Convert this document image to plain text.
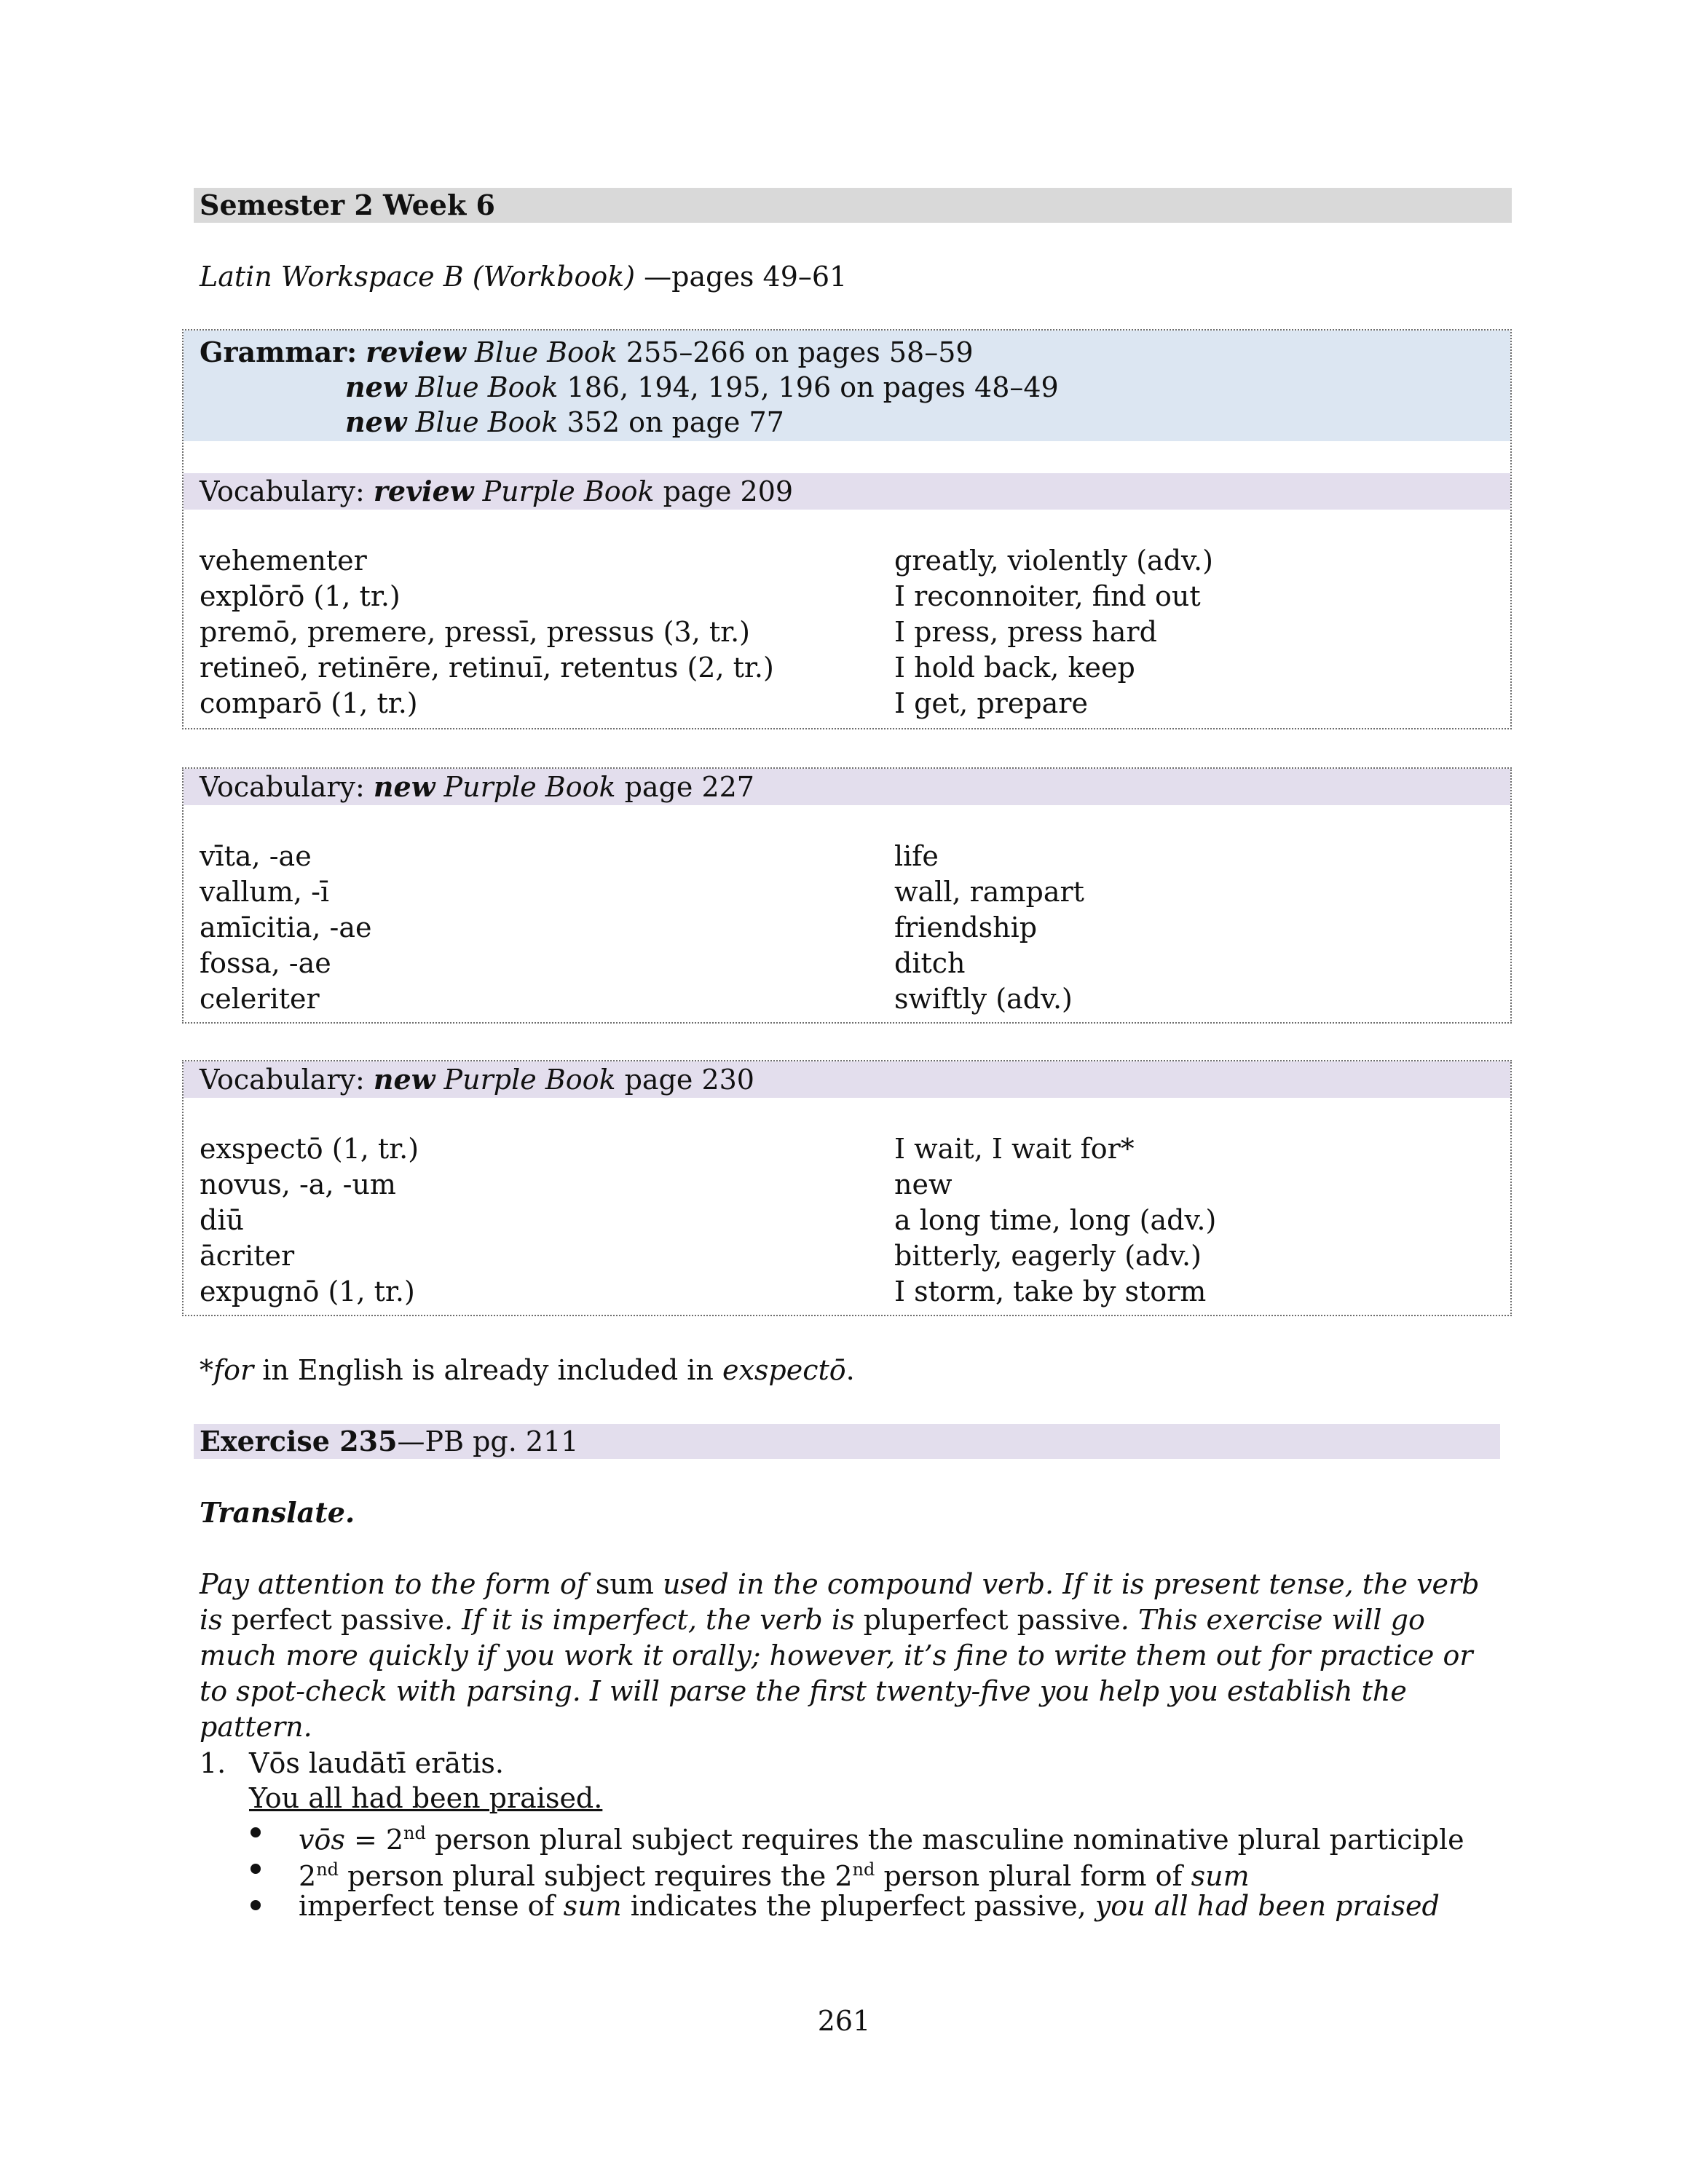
Semester 2 Week 6
Latin Workspace B (Workbook) —pages 49–61
Grammar: review Blue Book 255–266 on pages 58–59
new Blue Book 186, 194, 195, 196 on pages 48–49
new Blue Book 352 on page 77
Vocabulary: review Purple Book page 209
vehementer	greatly, violently (adv.)
explōrō (1, tr.)	I reconnoiter, find out
premō, premere, pressī, pressus (3, tr.)	I press, press hard
retineō, retinēre, retinuī, retentus (2, tr.)	I hold back, keep
comparō (1, tr.)	I get, prepare
Vocabulary: new Purple Book page 227
vīta, -ae	life
vallum, -ī	wall, rampart
amīcitia, -ae	friendship
fossa, -ae	ditch
celeriter	swiftly (adv.)
Vocabulary: new Purple Book page 230
exspectō (1, tr.)	I wait, I wait for*
novus, -a, -um	new
diū	a long time, long (adv.)
ācriter	bitterly, eagerly (adv.)
expugnō (1, tr.)	I storm, take by storm
*for in English is already included in exspectō.
Exercise 235—PB pg. 211
Translate.
Pay attention to the form of sum used in the compound verb. If it is present tense, the verb is perfect passive. If it is imperfect, the verb is pluperfect passive. This exercise will go much more quickly if you work it orally; however, it’s fine to write them out for practice or to spot-check with parsing. I will parse the first twenty-five you help you establish the pattern.
1. Vōs laudātī erātis.
You all had been praised.
vōs = 2nd person plural subject requires the masculine nominative plural participle
2nd person plural subject requires the 2nd person plural form of sum
imperfect tense of sum indicates the pluperfect passive, you all had been praised
261
